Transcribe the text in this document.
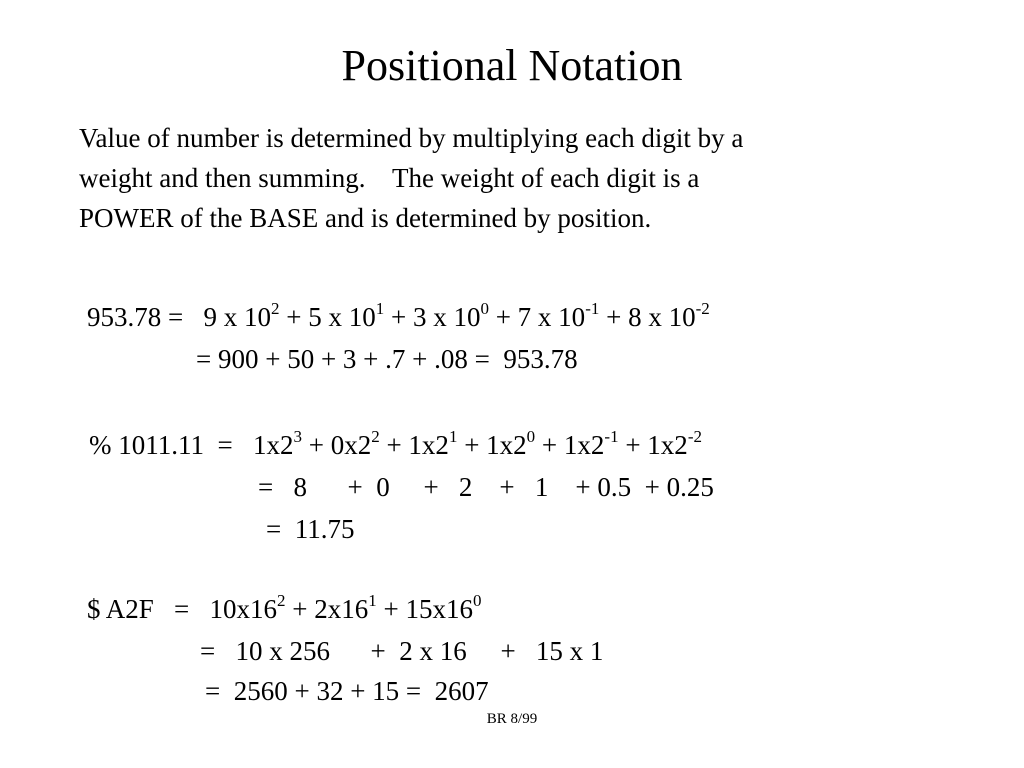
Positional Notation
Value of number is determined by multiplying each digit by a
weight and then summing.    The weight of each digit is a
POWER of the BASE and is determined by position.
953.78 =   9 x $10^2 + 5$ x $10^1 + 3$ x $10^0 + 7$ x $10^{-1} + 8$ x $10^{-2}$
= 900 + 50 + 3 + .7 + .08 =  953.78
% $1011.11 = 1x2^3 + 0x2^2 + 1x2^1 + 1x2^0 + 1x2^{-1} + 1x2^{-2}$
=   8      +  0     +   2    +   1    + 0.5  + 0.25
=  11.75
$ $A2F = 10x16^2 + 2x16^1 + 15x16^0$
=   10 x 256      +  2 x 16     +   15 x 1
=  2560 + 32 + 15 =  2607
BR 8/99
